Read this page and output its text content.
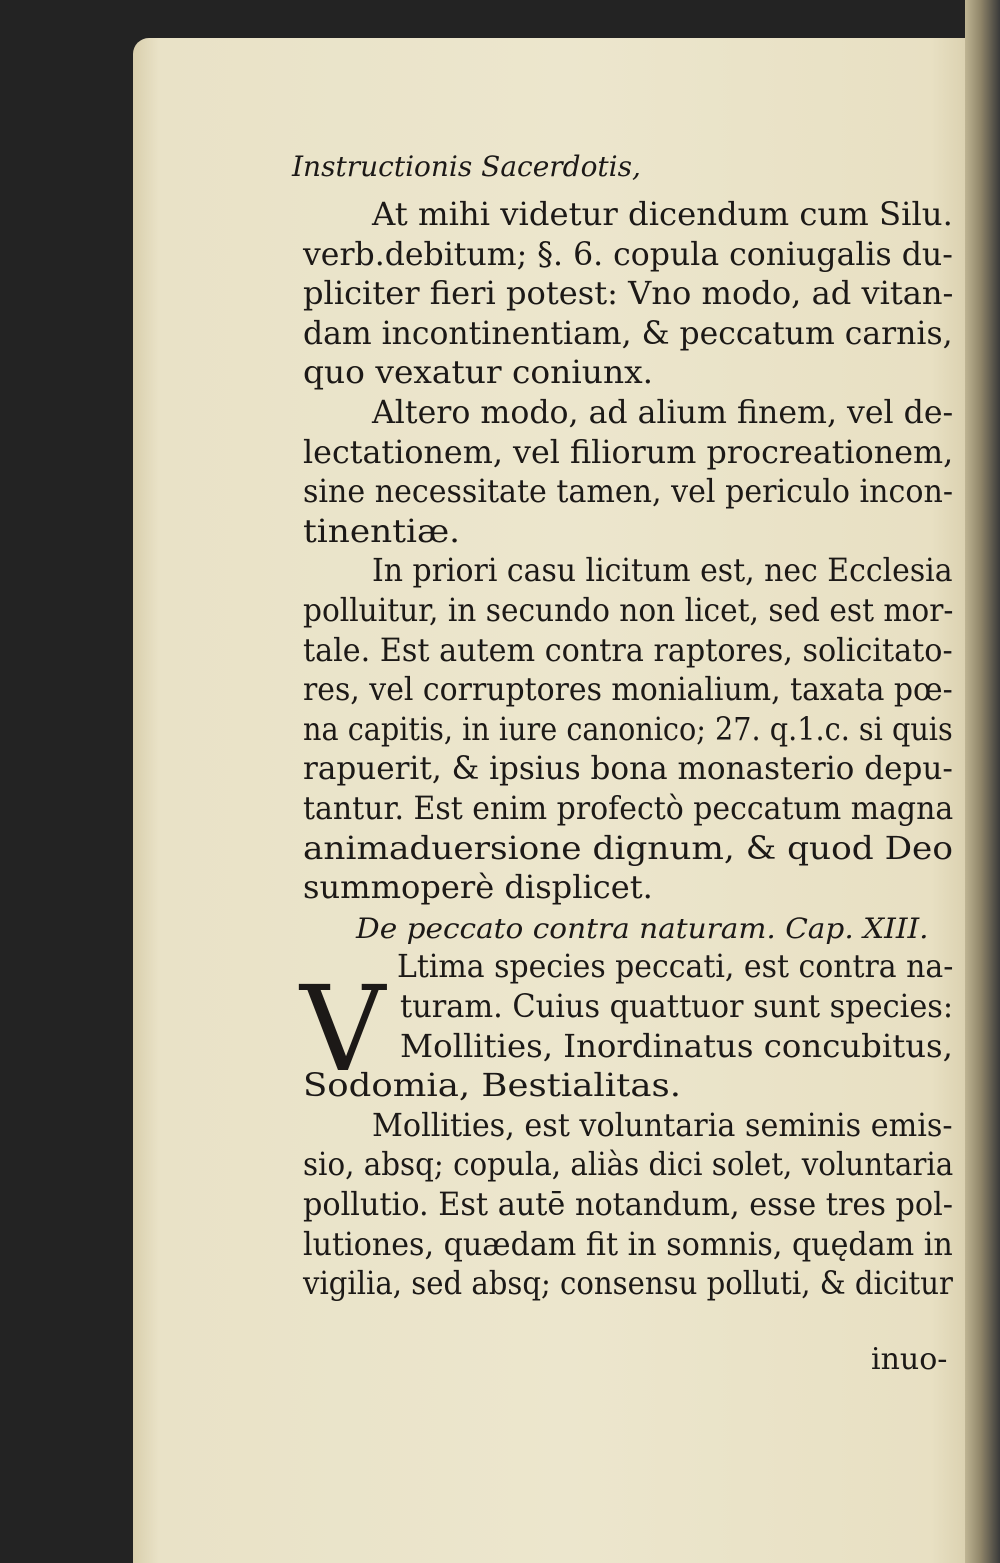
Instructionis Sacerdotis,
At mihi videtur dicendum cum Silu.
verb.debitum; §. 6. copula coniugalis du-
pliciter fieri potest: Vno modo, ad vitan-
dam incontinentiam, & peccatum carnis,
quo vexatur coniunx.
Altero modo, ad alium finem, vel de-
lectationem, vel filiorum procreationem,
sine necessitate tamen, vel periculo incon-
tinentiæ.
In priori casu licitum est, nec Ecclesia
polluitur, in secundo non licet, sed est mor-
tale. Est autem contra raptores, solicitato-
res, vel corruptores monialium, taxata pœ-
na capitis, in iure canonico; 27. q.1.c. si quis
rapuerit, & ipsius bona monasterio depu-
tantur. Est enim profectò peccatum magna
animaduersione dignum, & quod Deo
summoperè displicet.
Ltima species peccati, est contra na-
turam. Cuius quattuor sunt species:
Mollities, Inordinatus concubitus,
Sodomia, Bestialitas.
Mollities, est voluntaria seminis emis-
sio, absq; copula, aliàs dici solet, voluntaria
pollutio. Est autē notandum, esse tres pol-
lutiones, quædam fit in somnis, quędam in
vigilia, sed absq; consensu polluti, & dicitur
De peccato contra naturam. Cap. XIII.
V
inuo-
